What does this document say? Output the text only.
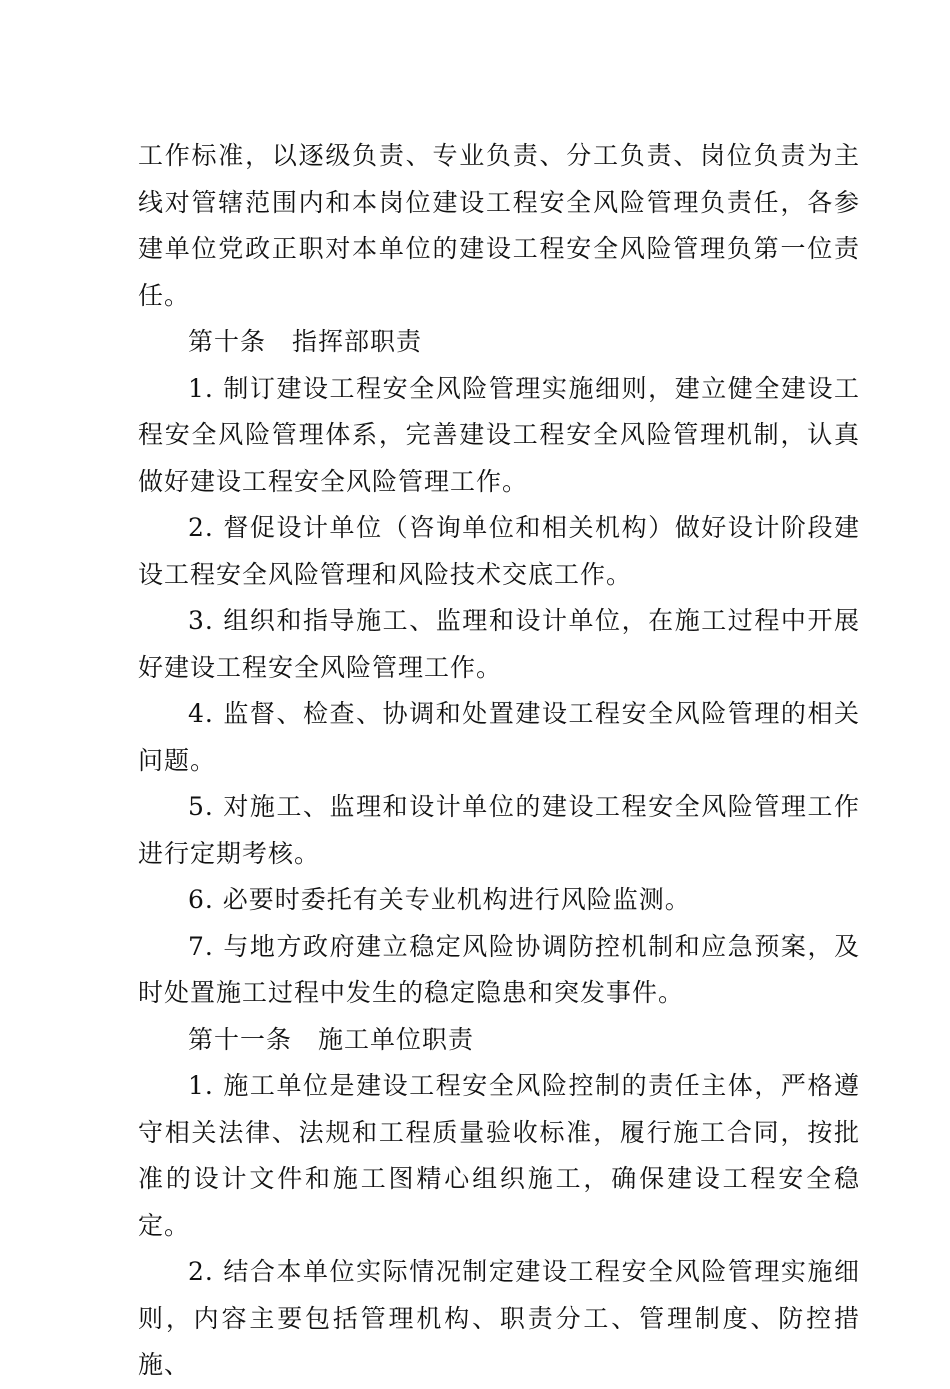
工作标准，以逐级负责、专业负责、分工负责、岗位负责为主线对管辖范围内和本岗位建设工程安全风险管理负责任，各参建单位党政正职对本单位的建设工程安全风险管理负第一位责任。

第十条　指挥部职责

1. 制订建设工程安全风险管理实施细则，建立健全建设工程安全风险管理体系，完善建设工程安全风险管理机制，认真做好建设工程安全风险管理工作。

2. 督促设计单位（咨询单位和相关机构）做好设计阶段建设工程安全风险管理和风险技术交底工作。

3. 组织和指导施工、监理和设计单位，在施工过程中开展好建设工程安全风险管理工作。

4. 监督、检查、协调和处置建设工程安全风险管理的相关问题。

5. 对施工、监理和设计单位的建设工程安全风险管理工作进行定期考核。

6. 必要时委托有关专业机构进行风险监测。

7. 与地方政府建立稳定风险协调防控机制和应急预案，及时处置施工过程中发生的稳定隐患和突发事件。

第十一条　施工单位职责

1. 施工单位是建设工程安全风险控制的责任主体，严格遵守相关法律、法规和工程质量验收标准，履行施工合同，按批准的设计文件和施工图精心组织施工，确保建设工程安全稳定。

2. 结合本单位实际情况制定建设工程安全风险管理实施细则，内容主要包括管理机构、职责分工、管理制度、防控措施、
